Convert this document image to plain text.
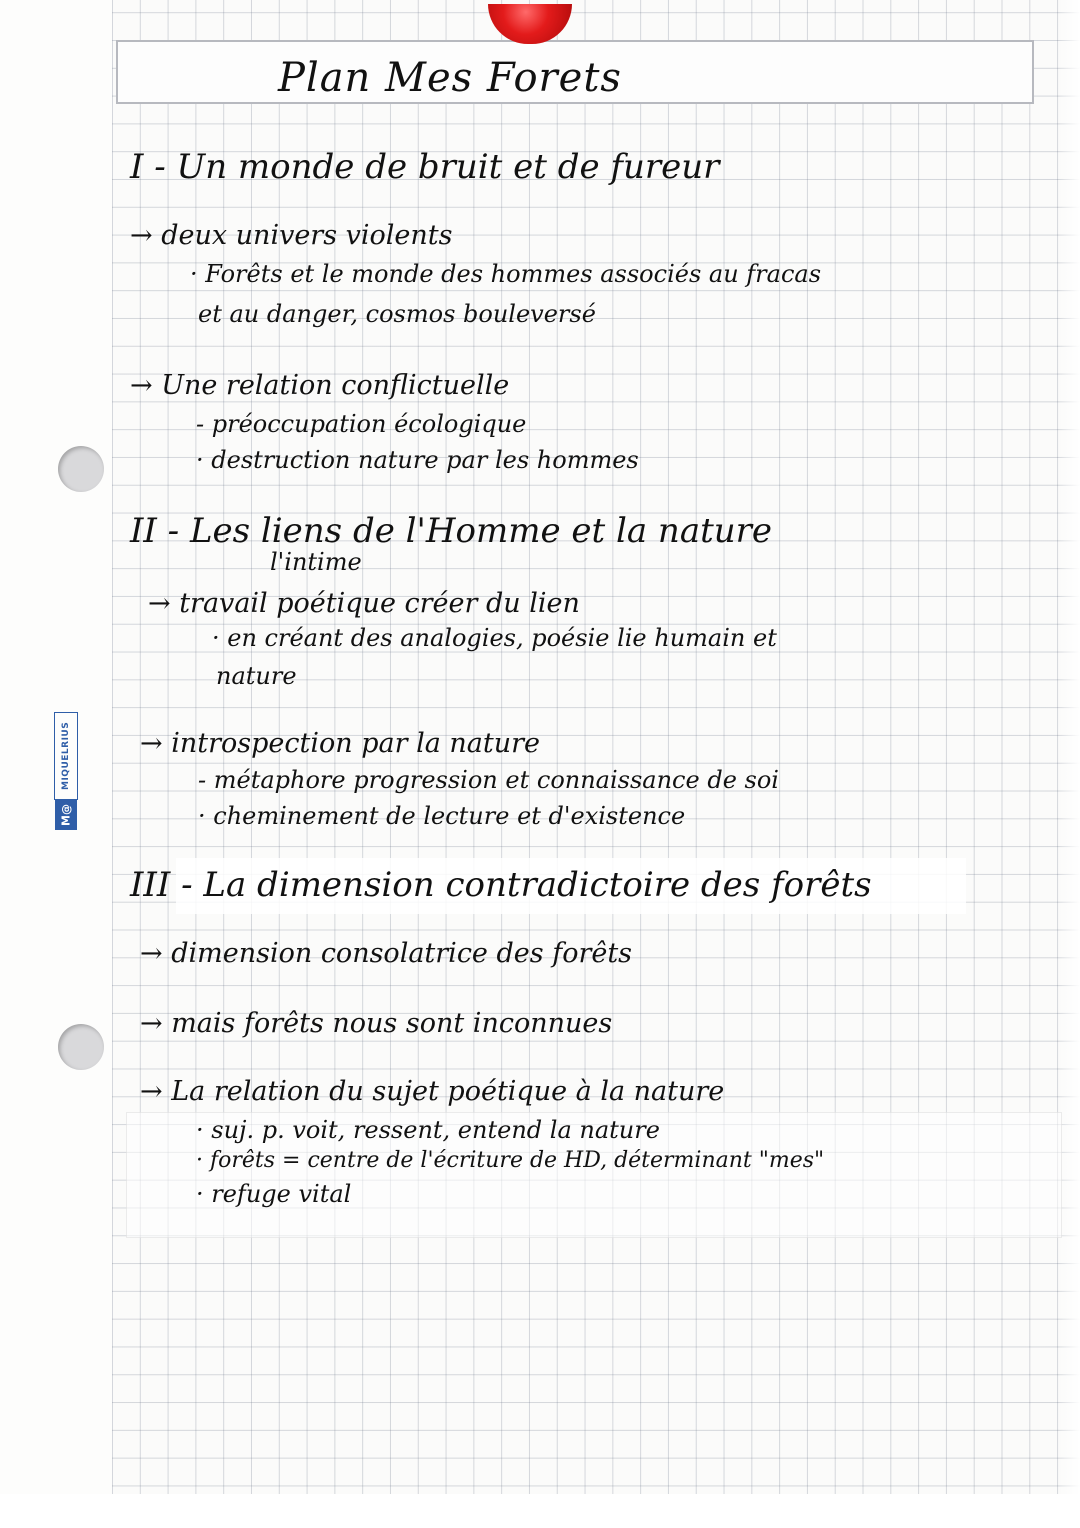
MIQUELRIUS
M@
Plan Mes Forets
I - Un monde de bruit et de fureur
→ deux univers violents
· Forêts et le monde des hommes associés au fracas
et au danger, cosmos bouleversé
→ Une relation conflictuelle
- préoccupation écologique
· destruction nature par les hommes
II - Les liens de l'Homme et la nature
l'intime
→ travail poétique créer du lien
· en créant des analogies, poésie lie humain et
nature
→ introspection par la nature
- métaphore progression et connaissance de soi
· cheminement de lecture et d'existence
III - La dimension contradictoire des forêts
→ dimension consolatrice des forêts
→ mais forêts nous sont inconnues
→ La relation du sujet poétique à la nature
· suj. p. voit, ressent, entend la nature
· forêts = centre de l'écriture de HD, déterminant "mes"
· refuge vital
